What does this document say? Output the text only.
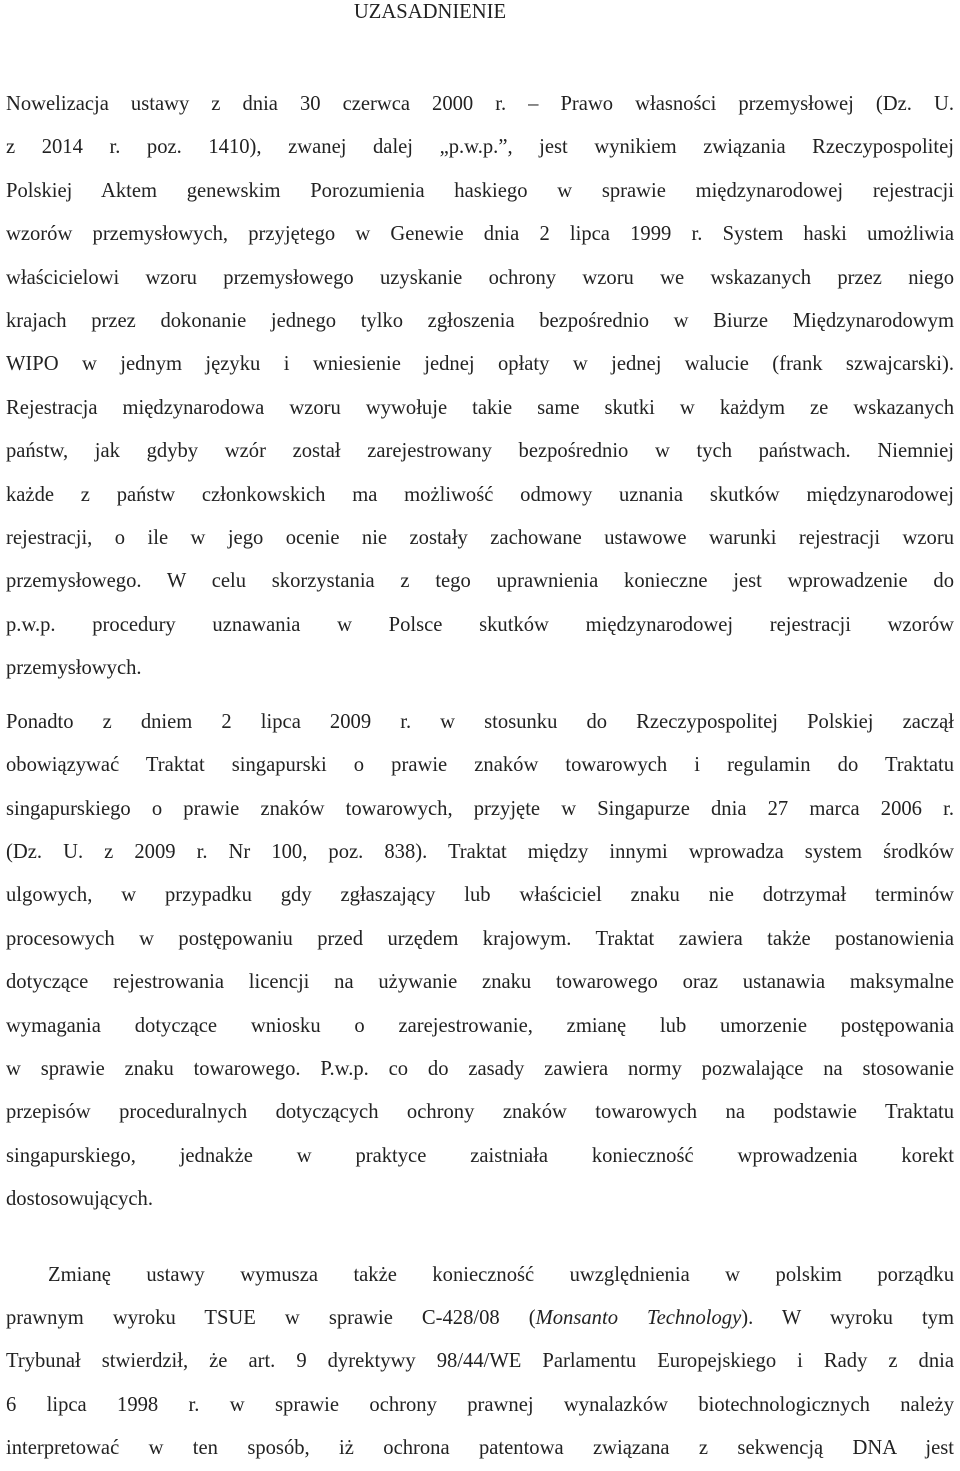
UZASADNIENIE
Nowelizacja ustawy z dnia 30 czerwca 2000 r. – Prawo własności przemysłowej (Dz. U.
z 2014 r. poz. 1410), zwanej dalej „p.w.p.”, jest wynikiem związania Rzeczypospolitej
Polskiej Aktem genewskim Porozumienia haskiego w sprawie międzynarodowej rejestracji
wzorów przemysłowych, przyjętego w Genewie dnia 2 lipca 1999 r. System haski umożliwia
właścicielowi wzoru przemysłowego uzyskanie ochrony wzoru we wskazanych przez niego
krajach przez dokonanie jednego tylko zgłoszenia bezpośrednio w Biurze Międzynarodowym
WIPO w jednym języku i wniesienie jednej opłaty w jednej walucie (frank szwajcarski).
Rejestracja międzynarodowa wzoru wywołuje takie same skutki w każdym ze wskazanych
państw, jak gdyby wzór został zarejestrowany bezpośrednio w tych państwach. Niemniej
każde z państw członkowskich ma możliwość odmowy uznania skutków międzynarodowej
rejestracji, o ile w jego ocenie nie zostały zachowane ustawowe warunki rejestracji wzoru
przemysłowego. W celu skorzystania z tego uprawnienia konieczne jest wprowadzenie do
p.w.p. procedury uznawania w Polsce skutków międzynarodowej rejestracji wzorów
przemysłowych.
Ponadto z dniem 2 lipca 2009 r. w stosunku do Rzeczypospolitej Polskiej zaczął
obowiązywać Traktat singapurski o prawie znaków towarowych i regulamin do Traktatu
singapurskiego o prawie znaków towarowych, przyjęte w Singapurze dnia 27 marca 2006 r.
(Dz. U. z 2009 r. Nr 100, poz. 838). Traktat między innymi wprowadza system środków
ulgowych, w przypadku gdy zgłaszający lub właściciel znaku nie dotrzymał terminów
procesowych w postępowaniu przed urzędem krajowym. Traktat zawiera także postanowienia
dotyczące rejestrowania licencji na używanie znaku towarowego oraz ustanawia maksymalne
wymagania dotyczące wniosku o zarejestrowanie, zmianę lub umorzenie postępowania
w sprawie znaku towarowego. P.w.p. co do zasady zawiera normy pozwalające na stosowanie
przepisów proceduralnych dotyczących ochrony znaków towarowych na podstawie Traktatu
singapurskiego, jednakże w praktyce zaistniała konieczność wprowadzenia korekt
dostosowujących.
Zmianę ustawy wymusza także konieczność uwzględnienia w polskim porządku
prawnym wyroku TSUE w sprawie C-428/08 (Monsanto Technology). W wyroku tym
Trybunał stwierdził, że art. 9 dyrektywy 98/44/WE Parlamentu Europejskiego i Rady z dnia
6 lipca 1998 r. w sprawie ochrony prawnej wynalazków biotechnologicznych należy
interpretować w ten sposób, iż ochrona patentowa związana z sekwencją DNA jest
